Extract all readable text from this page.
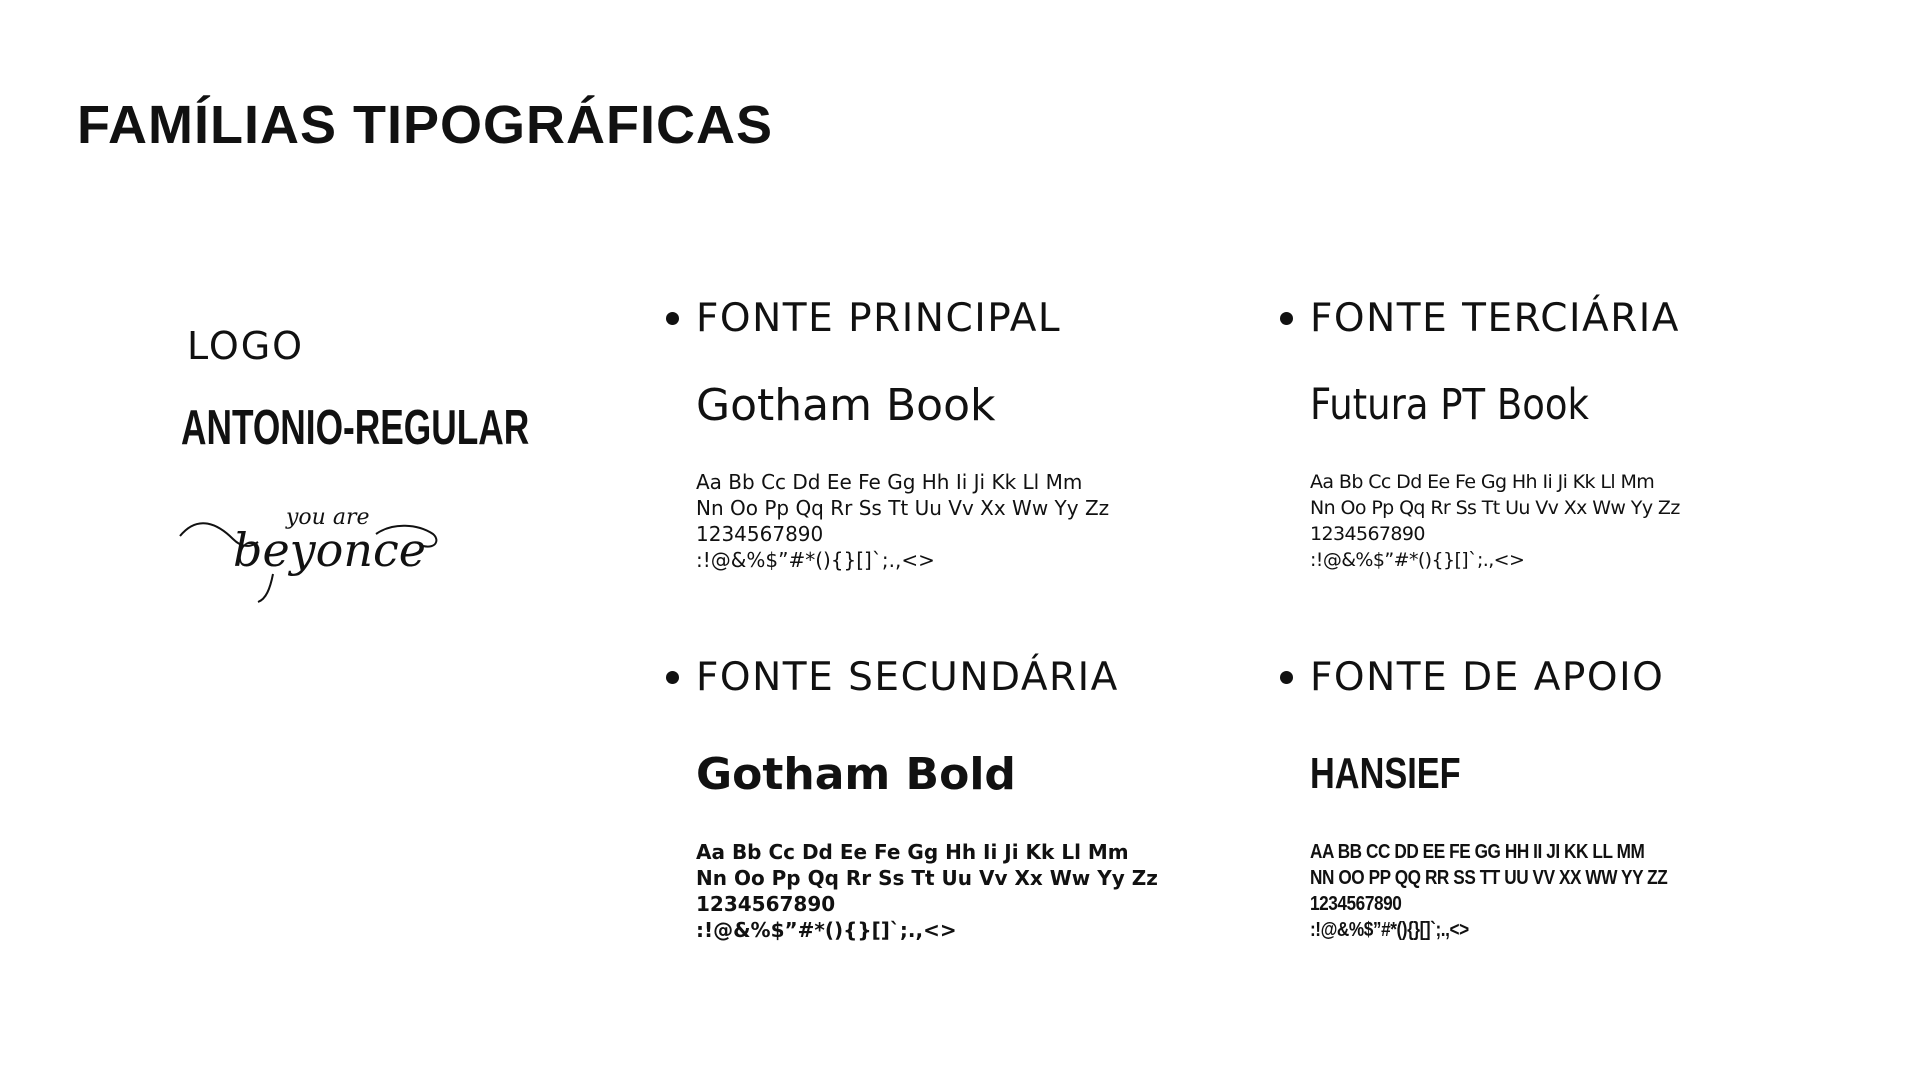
FAMÍLIAS TIPOGRÁFICAS
LOGO
ANTONIO-REGULAR
you are
beyonce
FONTE PRINCIPAL
Gotham Book
Aa Bb Cc Dd Ee Fe Gg Hh Ii Ji Kk Ll Mm
Nn Oo Pp Qq Rr Ss Tt Uu Vv Xx Ww Yy Zz
1234567890
:!@&%$”#*(){}[]`;.,<>
FONTE TERCIÁRIA
Futura PT Book
Aa Bb Cc Dd Ee Fe Gg Hh Ii Ji Kk Ll Mm
Nn Oo Pp Qq Rr Ss Tt Uu Vv Xx Ww Yy Zz
1234567890
:!@&%$”#*(){}[]`;.,<>
FONTE SECUNDÁRIA
Gotham Bold
Aa Bb Cc Dd Ee Fe Gg Hh Ii Ji Kk Ll Mm
Nn Oo Pp Qq Rr Ss Tt Uu Vv Xx Ww Yy Zz
1234567890
:!@&%$”#*(){}[]`;.,<>
FONTE DE APOIO
HANSIEF
AA BB CC DD EE FE GG HH II JI KK LL MM
NN OO PP QQ RR SS TT UU VV XX WW YY ZZ
1234567890
:!@&%$”#*(){}[]`;.,<>
